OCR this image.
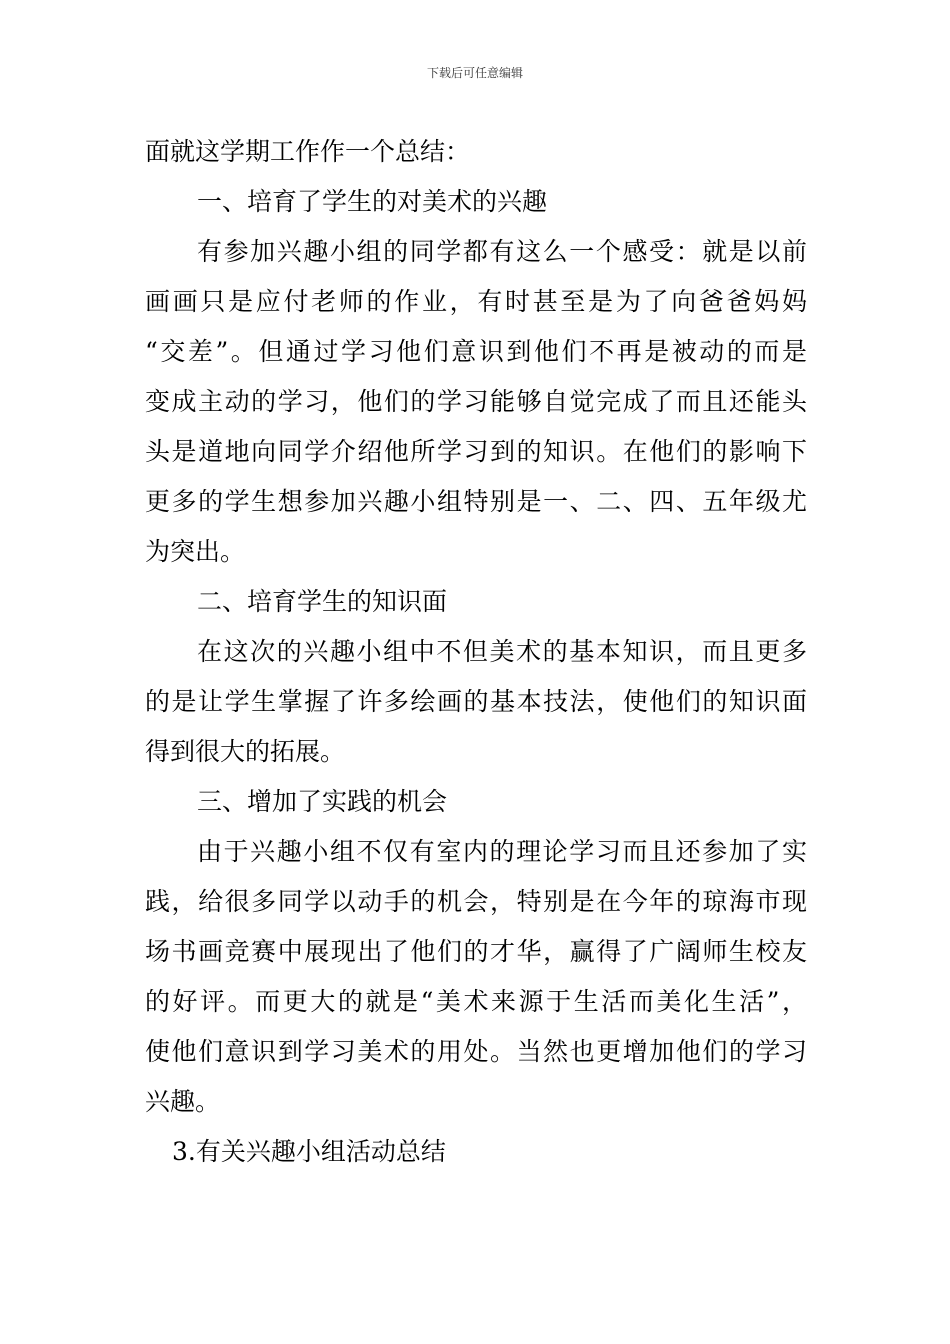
下载后可任意编辑
面就这学期工作作一个总结：
一、培育了学生的对美术的兴趣
有参加兴趣小组的同学都有这么一个感受：就是以前
画画只是应付老师的作业，有时甚至是为了向爸爸妈妈
“交差”。但通过学习他们意识到他们不再是被动的而是
变成主动的学习，他们的学习能够自觉完成了而且还能头
头是道地向同学介绍他所学习到的知识。在他们的影响下
更多的学生想参加兴趣小组特别是一、二、四、五年级尤
为突出。
二、培育学生的知识面
在这次的兴趣小组中不但美术的基本知识，而且更多
的是让学生掌握了许多绘画的基本技法，使他们的知识面
得到很大的拓展。
三、增加了实践的机会
由于兴趣小组不仅有室内的理论学习而且还参加了实
践，给很多同学以动手的机会，特别是在今年的琼海市现
场书画竞赛中展现出了他们的才华，赢得了广阔师生校友
的好评。而更大的就是“美术来源于生活而美化生活”，
使他们意识到学习美术的用处。当然也更增加他们的学习
兴趣。
3.有关兴趣小组活动总结
